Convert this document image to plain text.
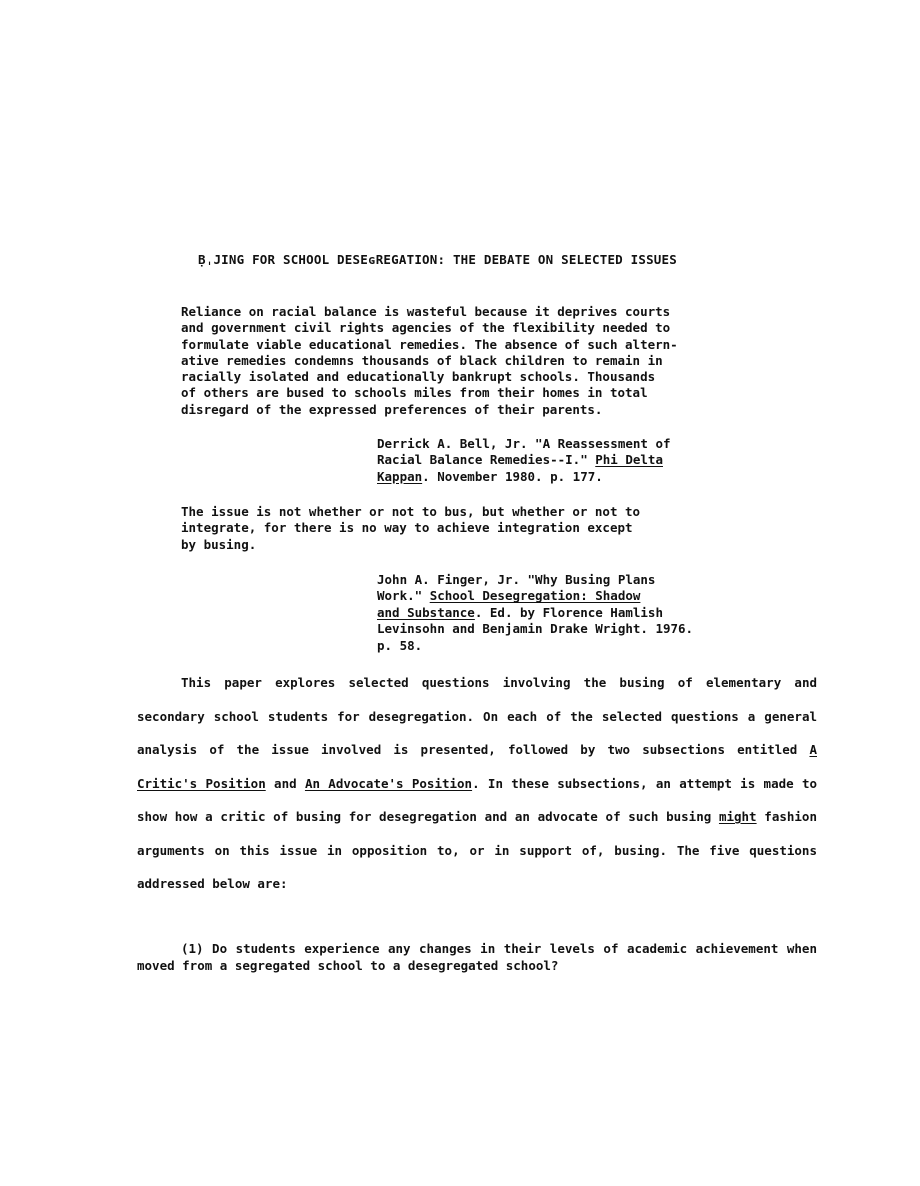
ḄˌJING FOR SCHOOL DESEɢREGATION: THE DEBATE ON SELECTED ISSUES
Reliance on racial balance is wasteful because it deprives courts
and government civil rights agencies of the flexibility needed to
formulate viable educational remedies. The absence of such altern-
ative remedies condemns thousands of black children to remain in
racially isolated and educationally bankrupt schools. Thousands
of others are bused to schools miles from their homes in total
disregard of the expressed preferences of their parents.
Derrick A. Bell, Jr. "A Reassessment of
Racial Balance Remedies--I." Phi Delta
Kappan. November 1980. p. 177.
The issue is not whether or not to bus, but whether or not to
integrate, for there is no way to achieve integration except
by busing.
John A. Finger, Jr. "Why Busing Plans
Work." School Desegregation: Shadow
and Substance. Ed. by Florence Hamlish
Levinsohn and Benjamin Drake Wright. 1976.
p. 58.
This paper explores selected questions involving the busing of elementary and secondary school students for desegregation. On each of the selected questions a general analysis of the issue involved is presented, followed by two subsections entitled A Critic's Position and An Advocate's Position. In these subsections, an attempt is made to show how a critic of busing for desegregation and an advocate of such busing might fashion arguments on this issue in opposition to, or in support of, busing. The five questions addressed below are:
(1) Do students experience any changes in their levels of academic achievement when moved from a segregated school to a desegregated school?
